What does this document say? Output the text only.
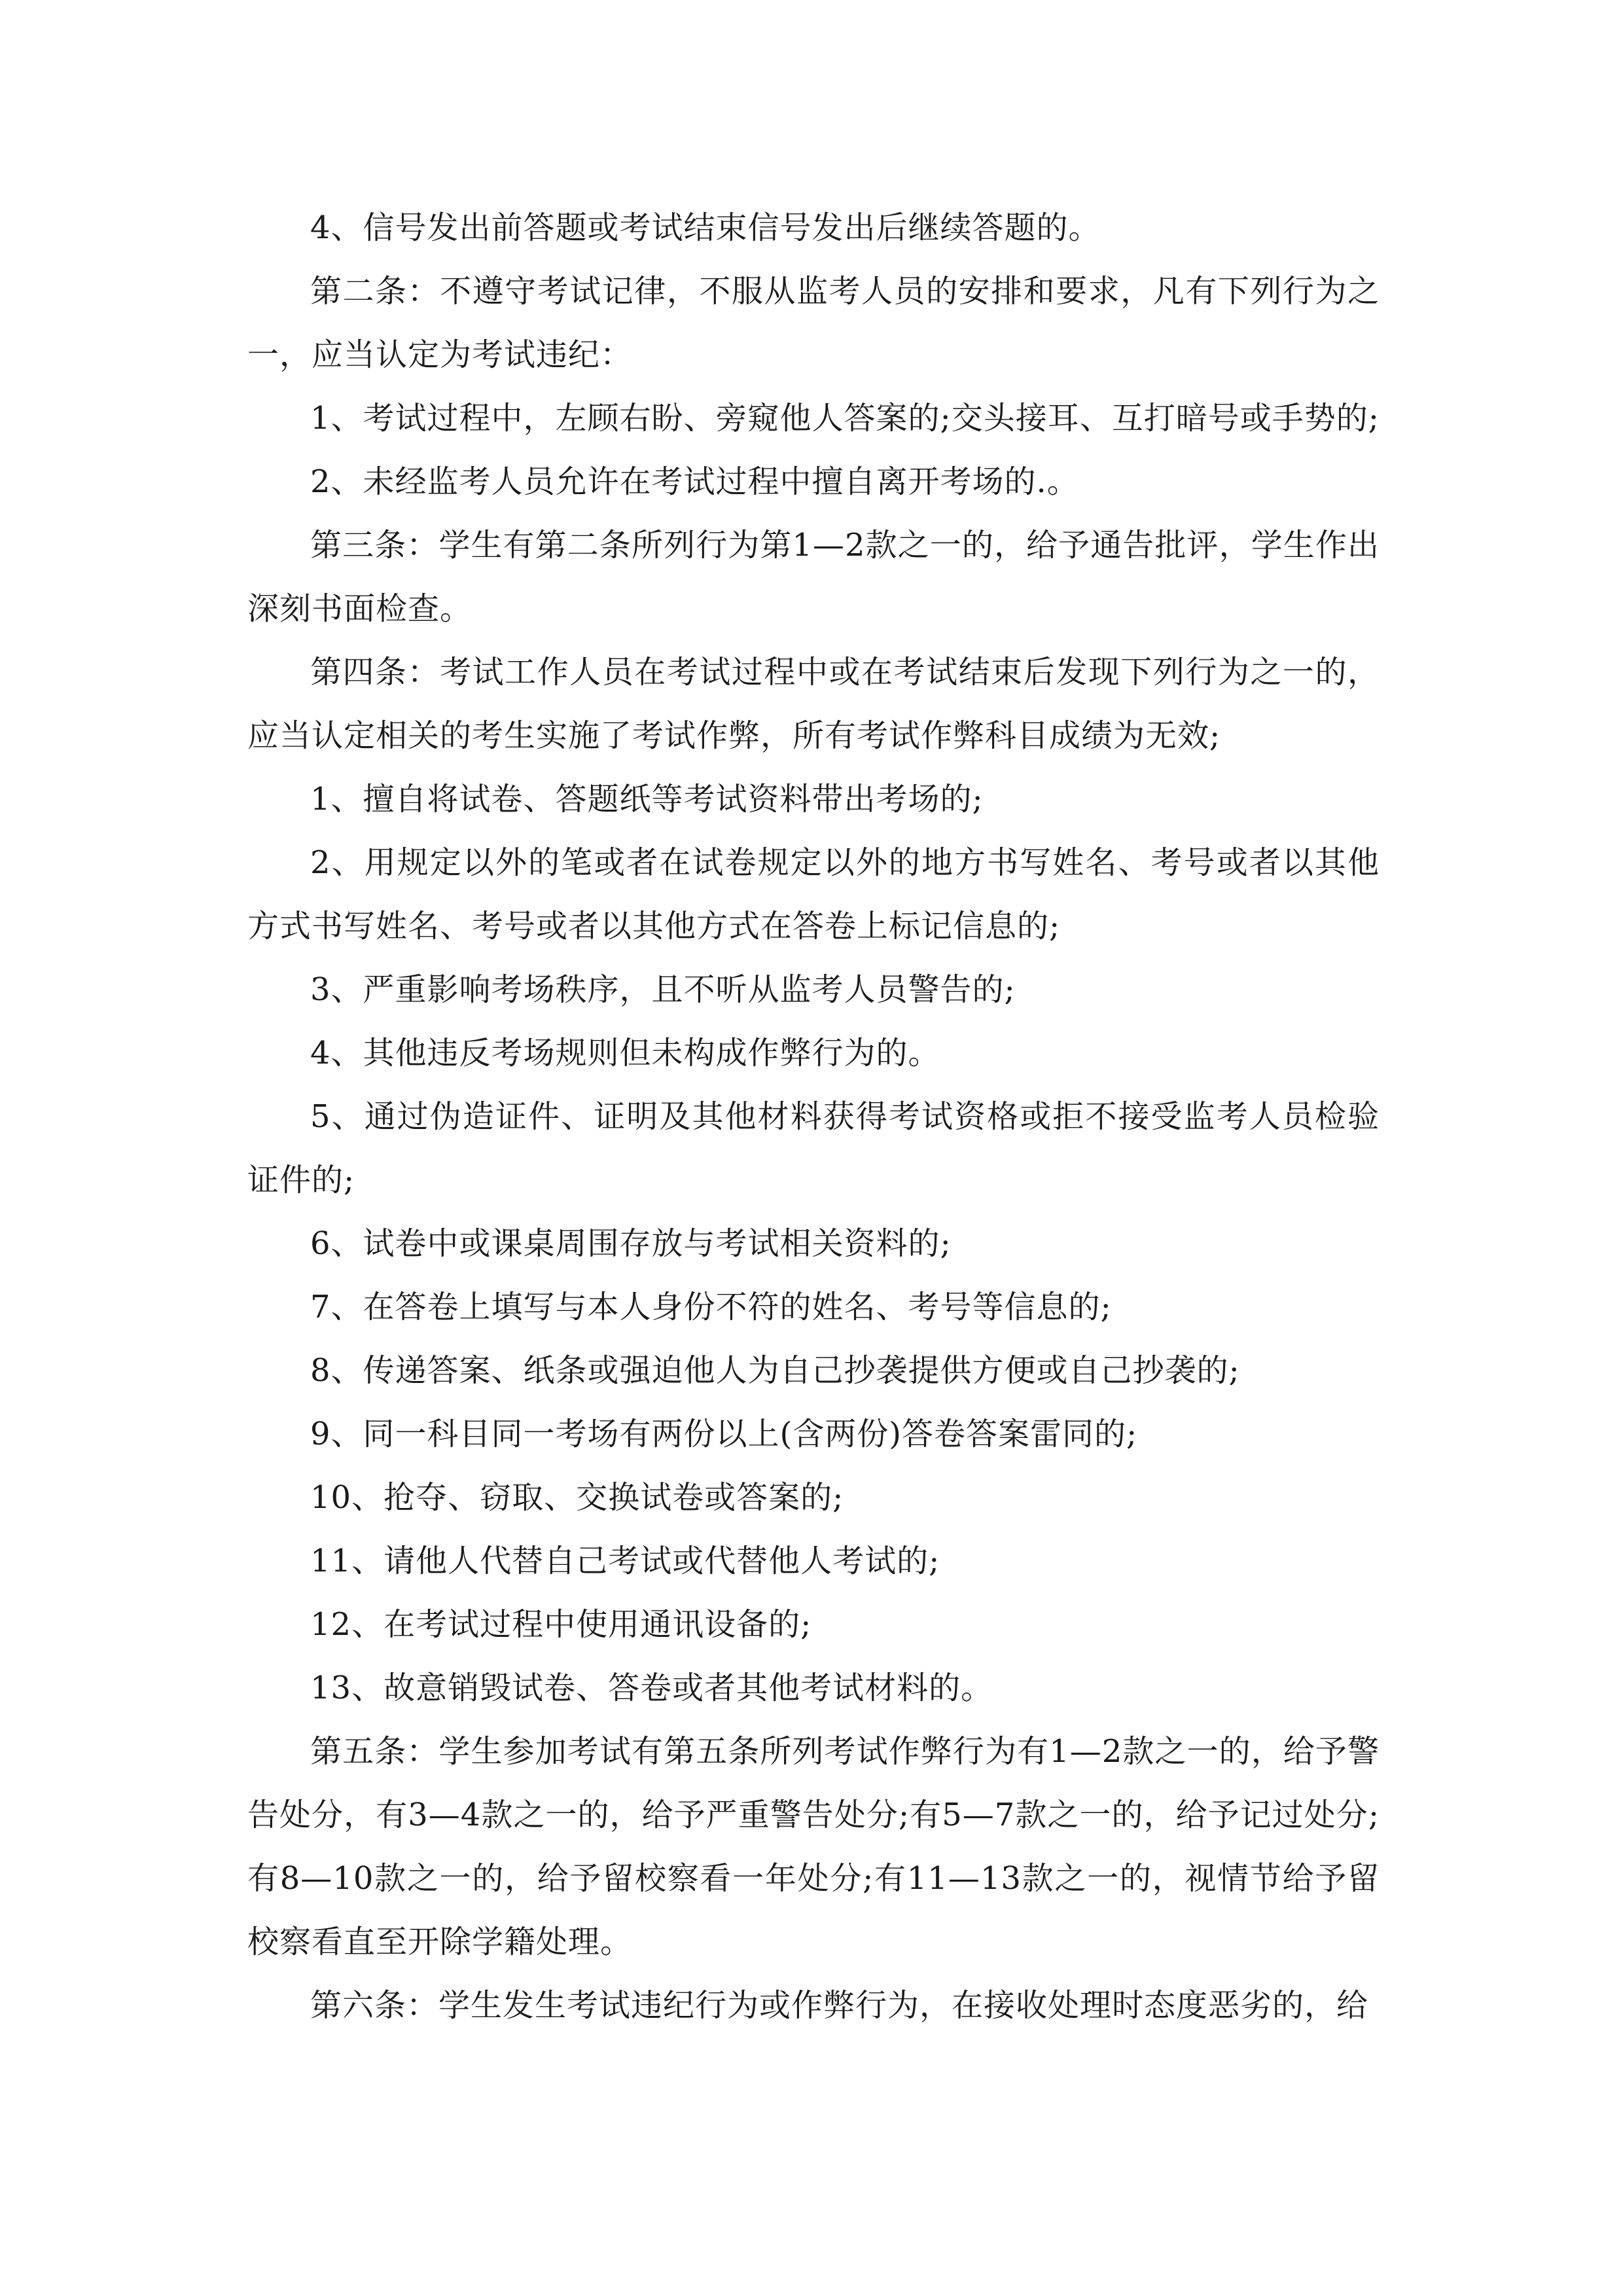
4、信号发出前答题或考试结束信号发出后继续答题的。

第二条：不遵守考试记律，不服从监考人员的安排和要求，凡有下列行为之一，应当认定为考试违纪：

1、考试过程中，左顾右盼、旁窥他人答案的;交头接耳、互打暗号或手势的;

2、未经监考人员允许在考试过程中擅自离开考场的.。

第三条：学生有第二条所列行为第1—2款之一的，给予通告批评，学生作出深刻书面检查。

第四条：考试工作人员在考试过程中或在考试结束后发现下列行为之一的，应当认定相关的考生实施了考试作弊，所有考试作弊科目成绩为无效;

1、擅自将试卷、答题纸等考试资料带出考场的;

2、用规定以外的笔或者在试卷规定以外的地方书写姓名、考号或者以其他方式书写姓名、考号或者以其他方式在答卷上标记信息的;

3、严重影响考场秩序，且不听从监考人员警告的;

4、其他违反考场规则但未构成作弊行为的。

5、通过伪造证件、证明及其他材料获得考试资格或拒不接受监考人员检验证件的;

6、试卷中或课桌周围存放与考试相关资料的;

7、在答卷上填写与本人身份不符的姓名、考号等信息的;

8、传递答案、纸条或强迫他人为自己抄袭提供方便或自己抄袭的;

9、同一科目同一考场有两份以上(含两份)答卷答案雷同的;

10、抢夺、窃取、交换试卷或答案的;

11、请他人代替自己考试或代替他人考试的;

12、在考试过程中使用通讯设备的;

13、故意销毁试卷、答卷或者其他考试材料的。

第五条：学生参加考试有第五条所列考试作弊行为有1—2款之一的，给予警告处分，有3—4款之一的，给予严重警告处分;有5—7款之一的，给予记过处分;有8—10款之一的，给予留校察看一年处分;有11—13款之一的，视情节给予留校察看直至开除学籍处理。

第六条：学生发生考试违纪行为或作弊行为，在接收处理时态度恶劣的，给
